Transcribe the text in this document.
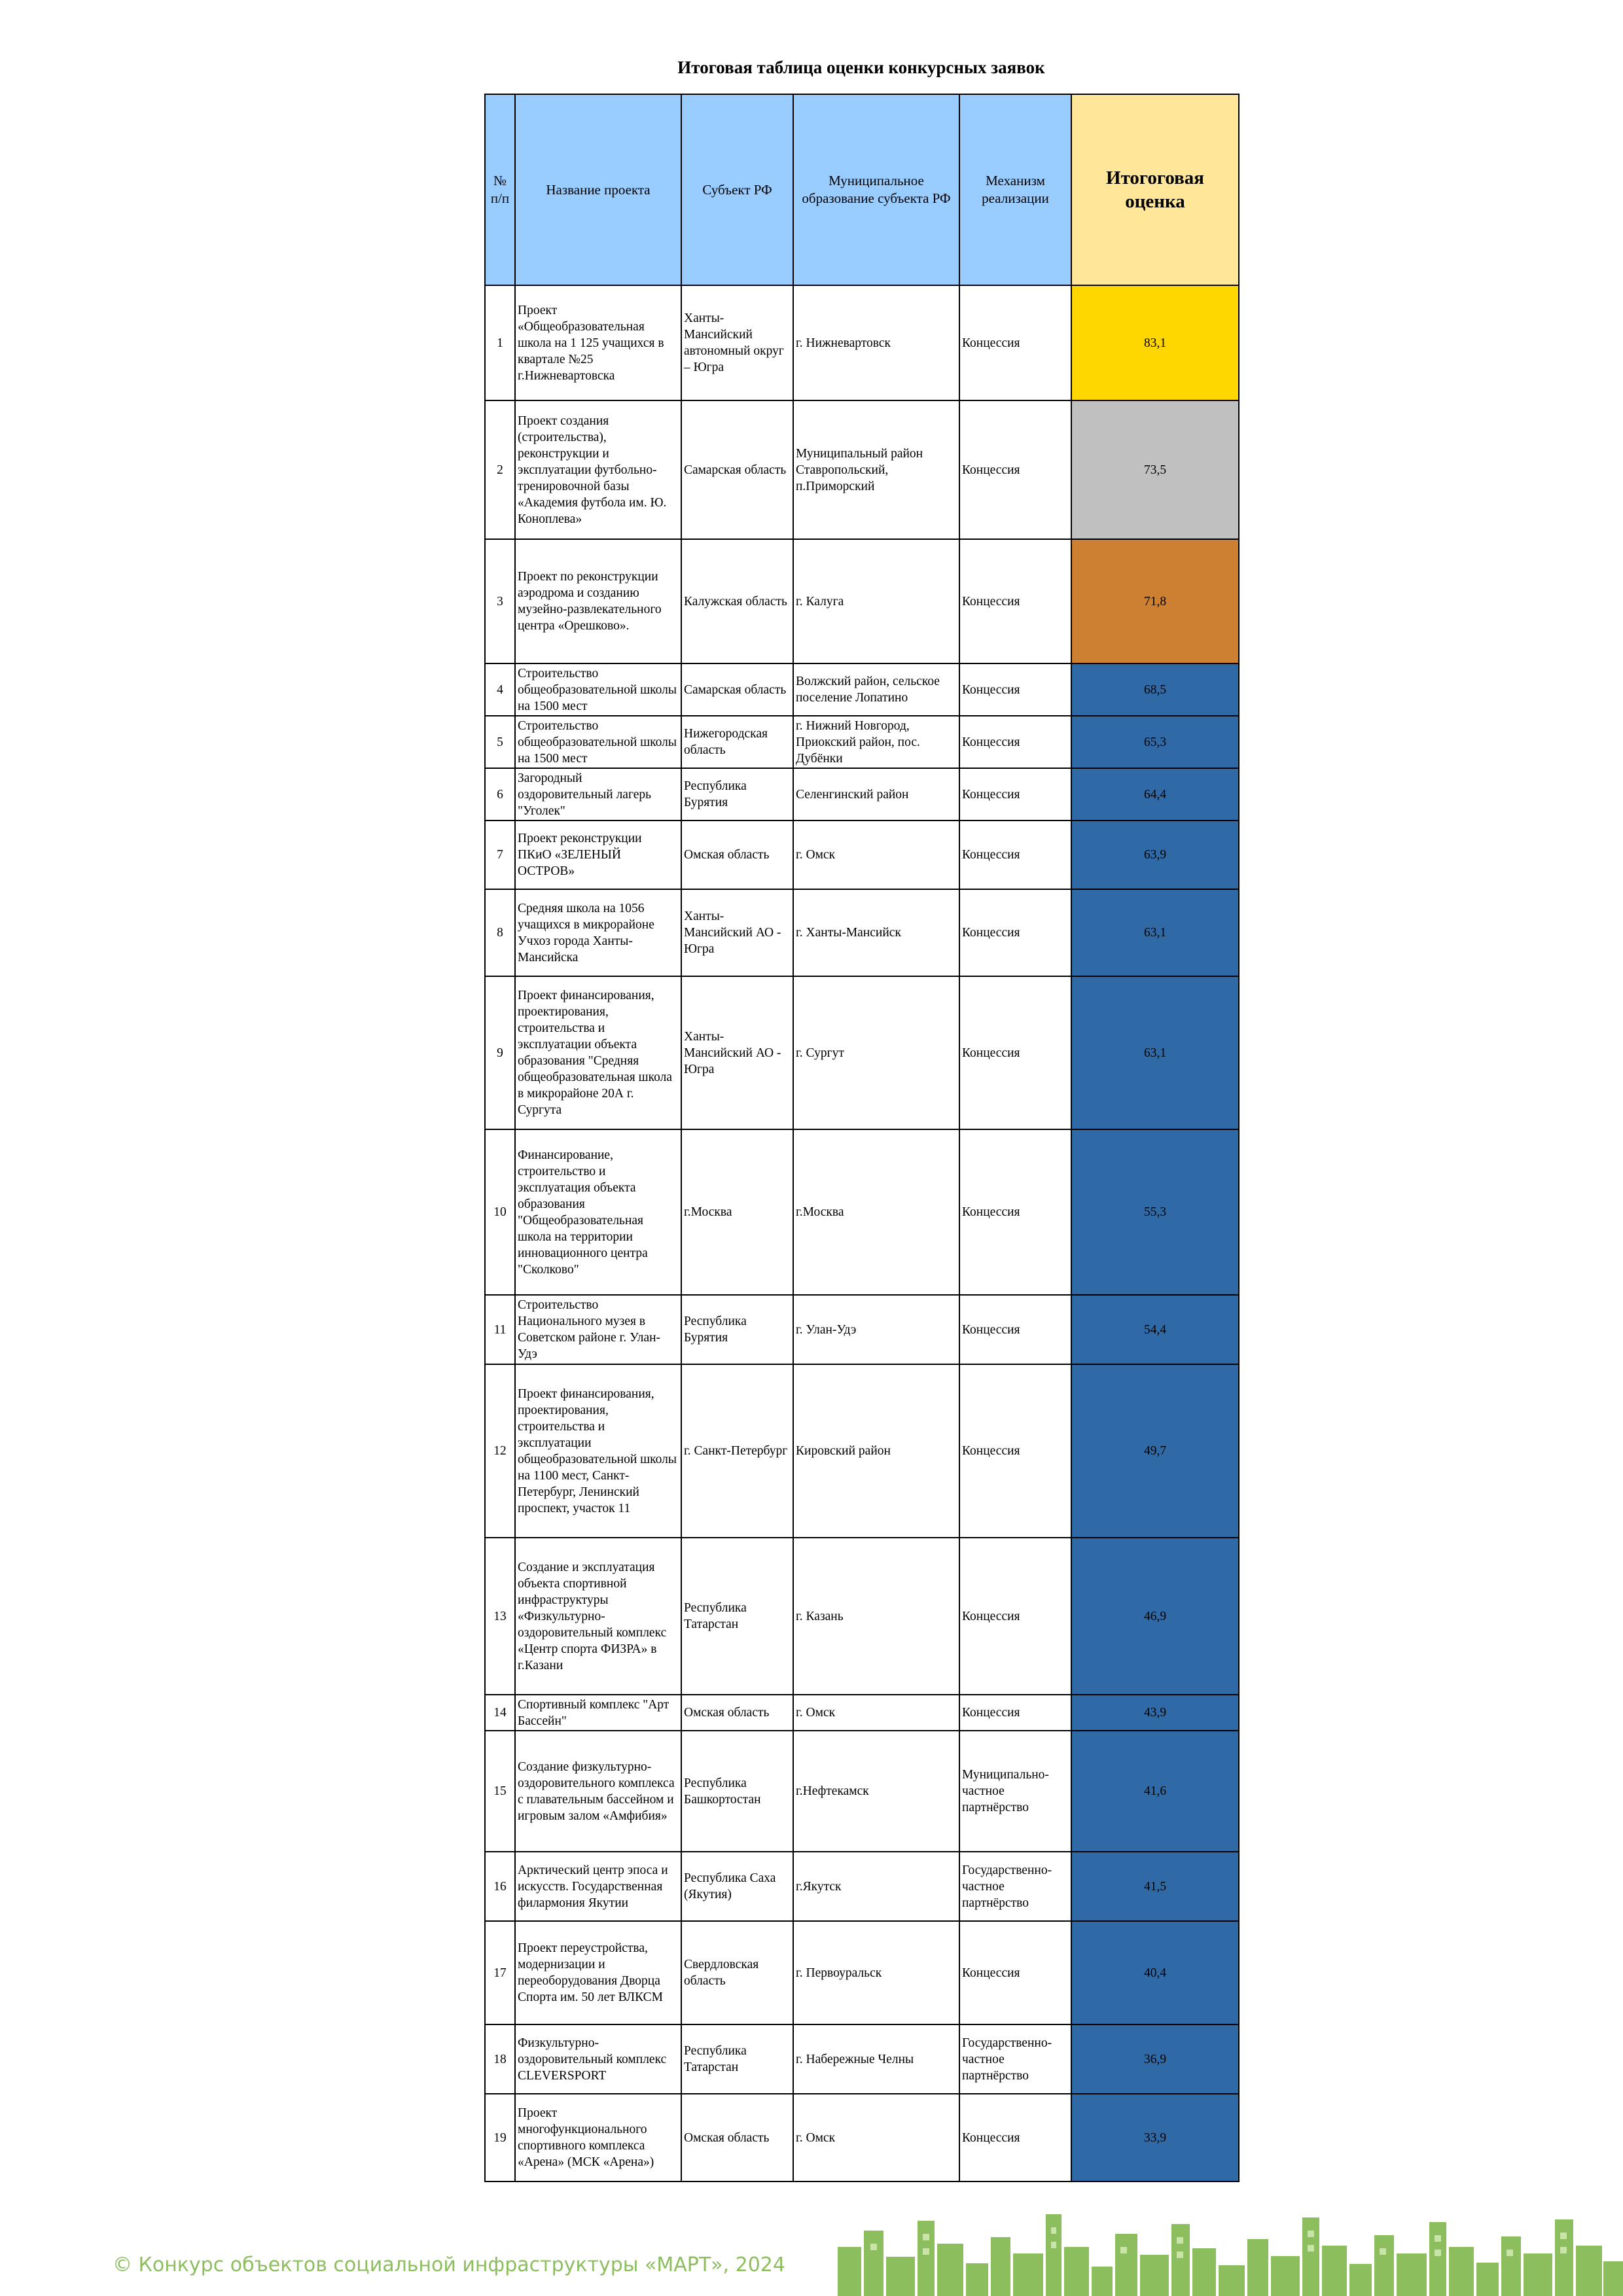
Итоговая таблица оценки конкурсных заявок
№ п/п	Название проекта	Субъект РФ	Муниципальное образование субъекта РФ	Механизм реализации	Итогоговая оценка
1	Проект «Общеобразовательная школа на 1 125 учащихся в квартале №25 г.Нижневартовска	Ханты-Мансийский автономный округ – Югра	г. Нижневартовск	Концессия	83,1
2	Проект создания (строительства), реконструкции и эксплуатации футбольно-тренировочной базы «Академия футбола им. Ю. Коноплева»	Самарская область	Муниципальный район Ставропольский, п.Приморский	Концессия	73,5
3	Проект по реконструкции аэродрома и созданию музейно-развлекательного центра «Орешково».	Калужская область	г. Калуга	Концессия	71,8
4	Строительство общеобразовательной школы на 1500 мест	Самарская область	Волжский район, сельское поселение Лопатино	Концессия	68,5
5	Строительство общеобразовательной школы на 1500 мест	Нижегородская область	г. Нижний Новгород, Приокский район, пос. Дубёнки	Концессия	65,3
6	Загородный оздоровительный лагерь "Уголек"	Республика Бурятия	Селенгинский район	Концессия	64,4
7	Проект реконструкции ПКиО «ЗЕЛЕНЫЙ ОСТРОВ»	Омская область	г. Омск	Концессия	63,9
8	Средняя школа на 1056 учащихся в микрорайоне Учхоз города Ханты-Мансийска	Ханты-Мансийский АО - Югра	г. Ханты-Мансийск	Концессия	63,1
9	Проект финансирования, проектирования, строительства и эксплуатации объекта образования "Средняя общеобразовательная школа в микрорайоне 20А г. Сургута	Ханты-Мансийский АО - Югра	г. Сургут	Концессия	63,1
10	Финансирование, строительство и эксплуатация объекта образования "Общеобразовательная школа на территории инновационного центра "Сколково"	г.Москва	г.Москва	Концессия	55,3
11	Строительство Национального музея в Советском районе г. Улан-Удэ	Республика Бурятия	г. Улан-Удэ	Концессия	54,4
12	Проект финансирования, проектирования, строительства и эксплуатации общеобразовательной школы на 1100 мест, Санкт-Петербург, Ленинский проспект, участок 11	г. Санкт-Петербург	Кировский район	Концессия	49,7
13	Создание и эксплуатация объекта спортивной инфраструктуры «Физкультурно-оздоровительный комплекс «Центр спорта ФИЗРА» в г.Казани	Республика Татарстан	г. Казань	Концессия	46,9
14	Спортивный комплекс "Арт Бассейн"	Омская область	г. Омск	Концессия	43,9
15	Создание физкультурно-оздоровительного комплекса с плавательным бассейном и игровым залом «Амфибия»	Республика Башкортостан	г.Нефтекамск	Муниципально-частное партнёрство	41,6
16	Арктический центр эпоса и искусств. Государственная филармония Якутии	Республика Саха (Якутия)	г.Якутск	Государственно-частное партнёрство	41,5
17	Проект переустройства, модернизации и переоборудования Дворца Спорта им. 50 лет ВЛКСМ	Свердловская область	г. Первоуральск	Концессия	40,4
18	Физкультурно-оздоровительный комплекс CLEVERSPORT	Республика Татарстан	г. Набережные Челны	Государственно-частное партнёрство	36,9
19	Проект многофункционального спортивного комплекса «Арена» (МСК «Арена»)	Омская область	г. Омск	Концессия	33,9
© Конкурс объектов социальной инфраструктуры «МАРТ», 2024
